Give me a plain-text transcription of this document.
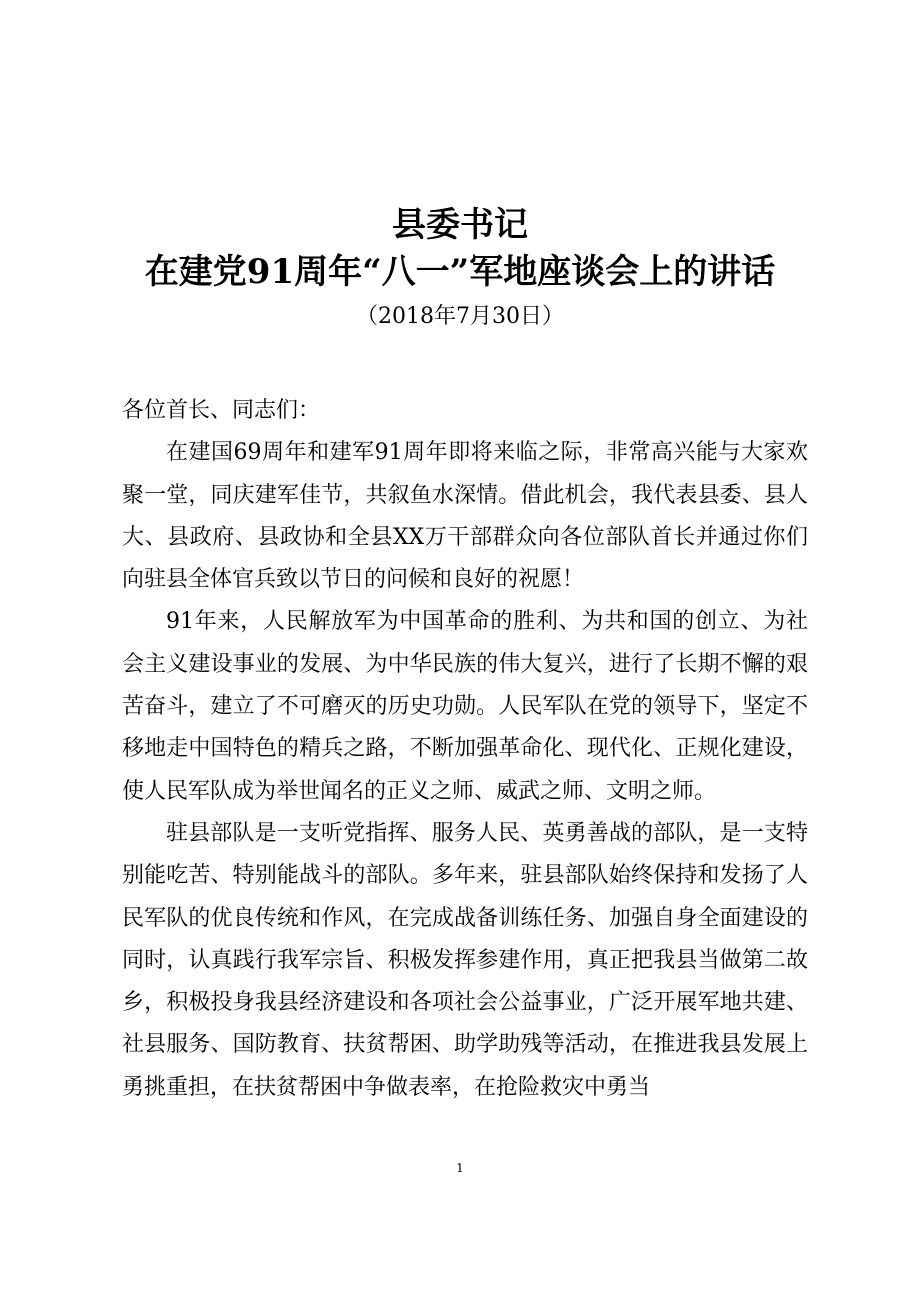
县委书记
在建党91周年“八一”军地座谈会上的讲话
（2018年7月30日）

各位首长、同志们：

在建国69周年和建军91周年即将来临之际，非常高兴能与大家欢聚一堂，同庆建军佳节，共叙鱼水深情。借此机会，我代表县委、县人大、县政府、县政协和全县XX万干部群众向各位部队首长并通过你们向驻县全体官兵致以节日的问候和良好的祝愿！

91年来，人民解放军为中国革命的胜利、为共和国的创立、为社会主义建设事业的发展、为中华民族的伟大复兴，进行了长期不懈的艰苦奋斗，建立了不可磨灭的历史功勋。人民军队在党的领导下，坚定不移地走中国特色的精兵之路，不断加强革命化、现代化、正规化建设，使人民军队成为举世闻名的正义之师、威武之师、文明之师。

驻县部队是一支听党指挥、服务人民、英勇善战的部队，是一支特别能吃苦、特别能战斗的部队。多年来，驻县部队始终保持和发扬了人民军队的优良传统和作风，在完成战备训练任务、加强自身全面建设的同时，认真践行我军宗旨、积极发挥参建作用，真正把我县当做第二故乡，积极投身我县经济建设和各项社会公益事业，广泛开展军地共建、社县服务、国防教育、扶贫帮困、助学助残等活动，在推进我县发展上勇挑重担，在扶贫帮困中争做表率，在抢险救灾中勇当

1
